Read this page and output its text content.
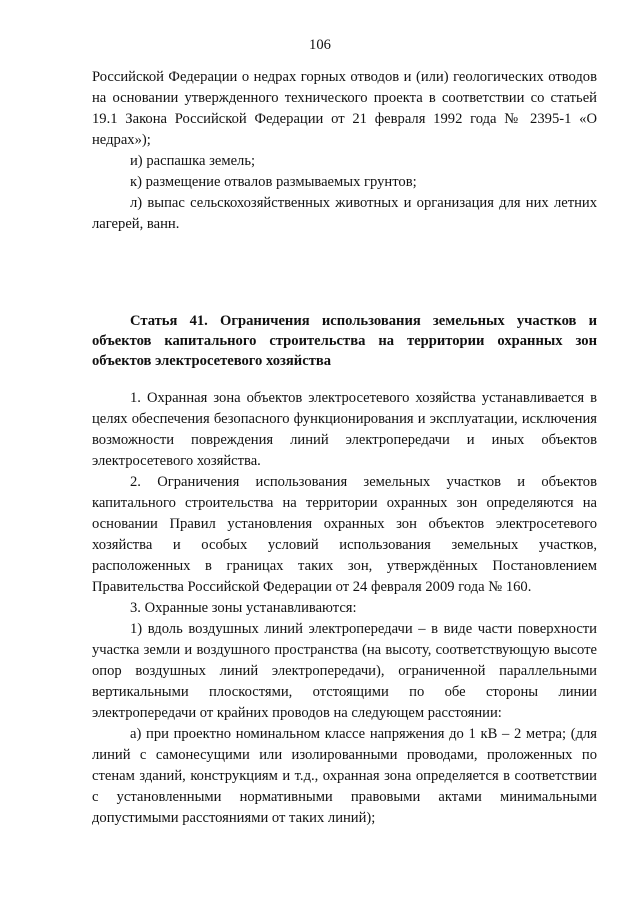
106

Российской Федерации о недрах горных отводов и (или) геологических отводов на основании утвержденного технического проекта в соответствии со статьей 19.1 Закона Российской Федерации от 21 февраля 1992 года № 2395-1 «О недрах»);

и) распашка земель;

к) размещение отвалов размываемых грунтов;

л) выпас сельскохозяйственных животных и организация для них летних лагерей, ванн.

Статья 41. Ограничения использования земельных участков и объектов капитального строительства на территории охранных зон объектов электросетевого хозяйства

1. Охранная зона объектов электросетевого хозяйства устанавливается в целях обеспечения безопасного функционирования и эксплуатации, исключения возможности повреждения линий электропередачи и иных объектов электросетевого хозяйства.

2. Ограничения использования земельных участков и объектов капитального строительства на территории охранных зон определяются на основании Правил установления охранных зон объектов электросетевого хозяйства и особых условий использования земельных участков, расположенных в границах таких зон, утверждённых Постановлением Правительства Российской Федерации от 24 февраля 2009 года № 160.

3. Охранные зоны устанавливаются:

1) вдоль воздушных линий электропередачи – в виде части поверхности участка земли и воздушного пространства (на высоту, соответствующую высоте опор воздушных линий электропередачи), ограниченной параллельными вертикальными плоскостями, отстоящими по обе стороны линии электропередачи от крайних проводов на следующем расстоянии:

а) при проектно номинальном классе напряжения до 1 кВ – 2 метра; (для линий с самонесущими или изолированными проводами, проложенных по стенам зданий, конструкциям и т.д., охранная зона определяется в соответствии с установленными нормативными правовыми актами минимальными допустимыми расстояниями от таких линий);
